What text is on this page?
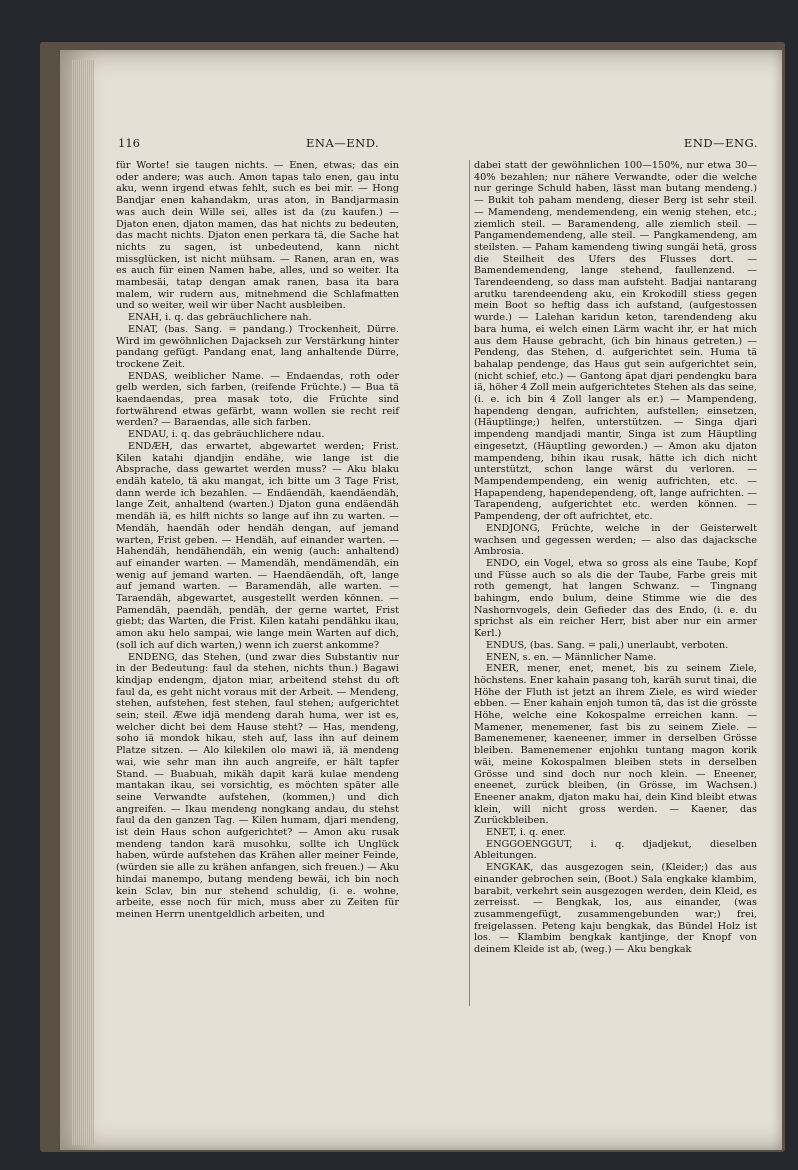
116	ENA—END.	END—ENG.

für Worte! sie taugen nichts. — Enen, etwas; das ein oder andere; was auch. Amon tapas talo enen, gau intu aku, wenn irgend etwas fehlt, such es bei mir. — Hong Bandjar enen kahandakm, uras aton, in Bandjarmasin was auch dein Wille sei, alles ist da (zu kaufen.) — Djaton enen, djaton mamen, das hat nichts zu bedeuten, das macht nichts. Djaton enen perkara tä, die Sache hat nichts zu sagen, ist unbedeutend, kann nicht missglücken, ist nicht mühsam. — Ranen, aran en, was es auch für einen Namen habe, alles, und so weiter. Ita mambesäi, tatap dengan amak ranen, basa ita bara malem, wir rudern aus, mitnehmend die Schlafmatten und so weiter, weil wir über Nacht ausbleiben.

ENAH, i. q. das gebräuchlichere nah.

ENAT, (bas. Sang. = pandang.) Trockenheit, Dürre. Wird im gewöhnlichen Dajackseh zur Verstärkung hinter pandang gefügt. Pandang enat, lang anhaltende Dürre, trockene Zeit.

ENDAS, weiblicher Name. — Endaendas, roth oder gelb werden, sich farben, (reifende Früchte.) — Bua tä kaendaendas, prea masak toto, die Früchte sind fortwährend etwas gefärbt, wann wollen sie recht reif werden? — Baraendas, alle sich farben.

ENDAU, i. q. das gebräuchlichere ndau.

ENDÆH, das erwartet, abgewartet werden; Frist. Kilen katahi djandjin endähe, wie lange ist die Absprache, dass gewartet werden muss? — Aku blaku endäh katelo, tä aku mangat, ich bitte um 3 Tage Frist, dann werde ich bezahlen. — Endäendäh, kaendäendäh, lange Zeit, anhaltend (warten.) Djaton guna endäendäh mendäh iä, es hilft nichts so lange auf ihn zu warten. — Mendäh, haendäh oder hendäh dengan, auf jemand warten, Frist geben. — Hendäh, auf einander warten. — Hahendäh, hendähendäh, ein wenig (auch: anhaltend) auf einander warten. — Mamendäh, mendämendäh, ein wenig auf jemand warten. — Haendäendäh, oft, lange auf jemand warten. — Baramendäh, alle warten. — Taraendäh, abgewartet, ausgestellt werden können. — Pamendäh, paendäh, pendäh, der gerne wartet, Frist giebt; das Warten, die Frist. Kilen katahi pendähku ikau, amon aku helo sampai, wie lange mein Warten auf dich, (soll ich auf dich warten,) wenn ich zuerst ankomme?

ENDENG, das Stehen, (und zwar dies Substantiv nur in der Bedeutung: faul da stehen, nichts thun.) Bagawi kindjap endengm, djaton miar, arbeitend stehst du oft faul da, es geht nicht voraus mit der Arbeit. — Mendeng, stehen, aufstehen, fest stehen, faul stehen; aufgerichtet sein; steil. Æwe idjä mendeng darah huma, wer ist es, welcher dicht bei dem Hause steht? — Has, mendeng, soho iä mondok hikau, steh auf, lass ihn auf deinem Platze sitzen. — Alo kilekilen olo mawi iä, iä mendeng wai, wie sehr man ihn auch angreife, er hält tapfer Stand. — Buabuah, mikäh dapit karä kulae mendeng mantakan ikau, sei vorsichtig, es möchten später alle seine Verwandte aufstehen, (kommen,) und dich angreifen. — Ikau mendeng nongkang andau, du stehst faul da den ganzen Tag. — Kilen humam, djari mendeng, ist dein Haus schon aufgerichtet? — Amon aku rusak mendeng tandon karä musohku, sollte ich Unglück haben, würde aufstehen das Krähen aller meiner Feinde, (würden sie alle zu krähen anfangen, sich freuen.) — Aku hindai manempo, butang mendeng bewäi, ich bin noch kein Sclav, bin nur stehend schuldig, (i. e. wohne, arbeite, esse noch für mich, muss aber zu Zeiten für meinen Herrn unentgeldlich arbeiten, und

dabei statt der gewöhnlichen 100—150%, nur etwa 30—40% bezahlen; nur nähere Verwandte, oder die welche nur geringe Schuld haben, lässt man butang mendeng.) — Bukit toh paham mendeng, dieser Berg ist sehr steil. — Mamendeng, mendemendeng, ein wenig stehen, etc.; ziemlich steil. — Baramendeng, alle ziemlich steil. — Pangamendemendeng, alle steil. — Pangkamendeng, am steilsten. — Paham kamendeng tiwing sungäi hetä, gross die Steilheit des Ufers des Flusses dort. — Bamendemendeng, lange stehend, faullenzend. — Tarendeendeng, so dass man aufsteht. Badjai nantarang arutku tarendeendeng aku, ein Krokodill stiess gegen mein Boot so heftig dass ich aufstand, (aufgestossen wurde.) — Lalehan karidun keton, tarendendeng aku bara huma, ei welch einen Lärm wacht ihr, er hat mich aus dem Hause gebracht, (ich bin hinaus getreten.) — Pendeng, das Stehen, d. aufgerichtet sein. Huma tä bahalap pendenge, das Haus gut sein aufgerichtet sein, (nicht schief, etc.) — Gantong äpat djari pendengku bara iä, höher 4 Zoll mein aufgerichtetes Stehen als das seine, (i. e. ich bin 4 Zoll langer als er.) — Mampendeng, hapendeng dengan, aufrichten, aufstellen; einsetzen, (Häuptlinge;) helfen, unterstützen. — Singa djari impendeng mandjadi mantir, Singa ist zum Häuptling eingesetzt, (Häuptling geworden.) — Amon aku djaton mampendeng, bihin ikau rusak, hätte ich dich nicht unterstützt, schon lange wärst du verloren. — Mampendempendeng, ein wenig aufrichten, etc. — Hapapendeng, hapendependeng, oft, lange aufrichten. — Tarapendeng, aufgerichtet etc. werden können. — Pampendeng, der oft aufrichtet, etc.

ENDJONG, Früchte, welche in der Geisterwelt wachsen und gegessen werden; — also das dajacksche Ambrosia.

ENDO, ein Vogel, etwa so gross als eine Taube, Kopf und Füsse auch so als die der Taube, Farbe greis mit roth gemengt, hat langen Schwanz. — Tingnang bahingm, endo bulum, deine Stimme wie die des Nashornvogels, dein Gefieder das des Endo, (i. e. du sprichst als ein reicher Herr, bist aber nur ein armer Kerl.)

ENDUS, (bas. Sang. = pali,) unerlaubt, verboten.

ENEN, s. en. — Männlicher Name.

ENER, mener, enet, menet, bis zu seinem Ziele, höchstens. Ener kahain pasang toh, karäh surut tinai, die Höhe der Fluth ist jetzt an ihrem Ziele, es wird wieder ebben. — Ener kahain enjoh tumon tä, das ist die grösste Höhe, welche eine Kokospalme erreichen kann. — Mamener, menemener, fast bis zu seinem Ziele. — Bamenemener, kaeneener, immer in derselben Grösse bleiben. Bamenemener enjohku tuntang magon korik wäi, meine Kokospalmen bleiben stets in derselben Grösse und sind doch nur noch klein. — Eneener, eneenet, zurück bleiben, (in Grösse, im Wachsen.) Eneener anakm, djaton maku hai, dein Kind bleibt etwas klein, will nicht gross werden. — Kaener, das Zurückbleiben.

ENET, i. q. ener.

ENGGOENGGUT, i. q. djadjekut, dieselben Ableitungen.

ENGKAK, das ausgezogen sein, (Kleider;) das aus einander gebrochen sein, (Boot.) Sala engkake klambim, barabit, verkehrt sein ausgezogen werden, dein Kleid, es zerreisst. — Bengkak, los, aus einander, (was zusammengefügt, zusammengebunden war;) frei, freigelassen. Peteng kaju bengkak, das Bündel Holz ist los. — Klambim bengkak kantjinge, der Knopf von deinem Kleide ist ab, (weg.) — Aku bengkak
